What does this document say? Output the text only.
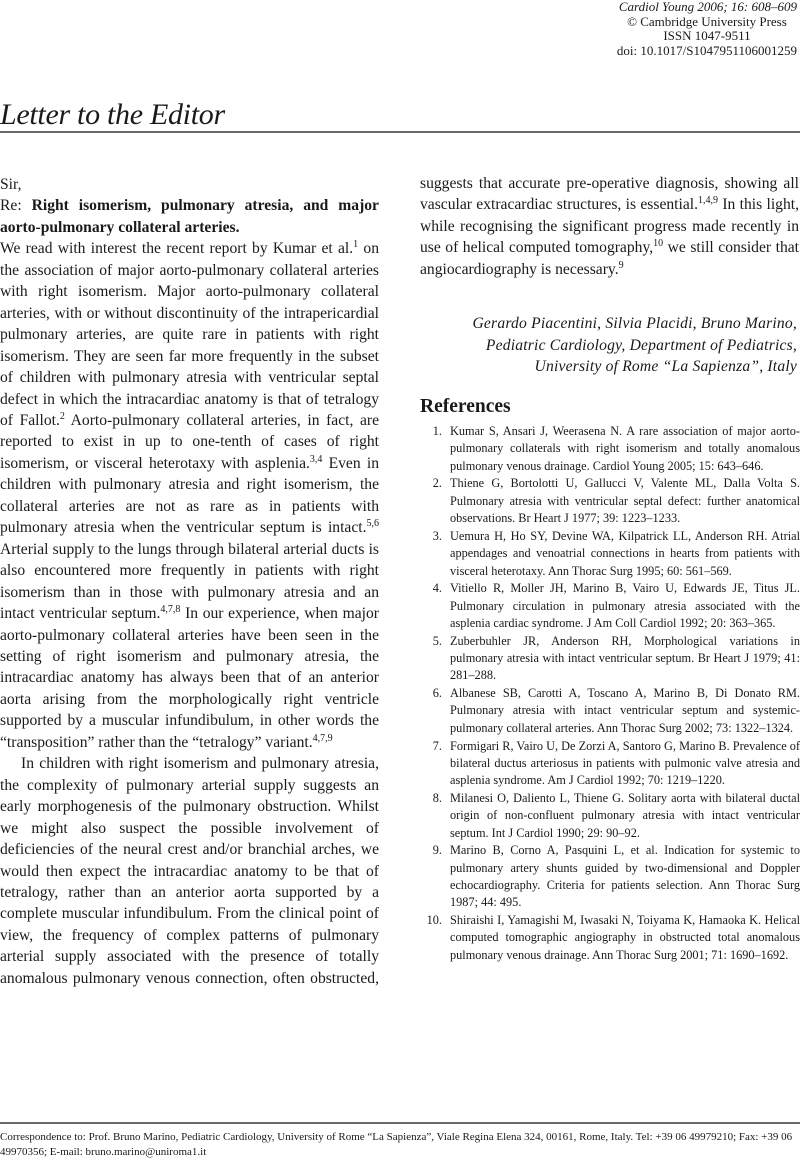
Cardiol Young 2006; 16: 608–609
© Cambridge University Press
ISSN 1047-9511
doi: 10.1017/S1047951106001259
Letter to the Editor

Sir,

Re: Right isomerism, pulmonary atresia, and major aorto-pulmonary collateral arteries.

We read with interest the recent report by Kumar et al.$^1$ on the association of major aorto-pulmonary collateral arteries with right isomerism. Major aorto-pulmonary collateral arteries, with or without discontinuity of the intrapericardial pulmonary arteries, are quite rare in patients with right isomerism. They are seen far more frequently in the subset of children with pulmonary atresia with ventricular septal defect in which the intracardiac anatomy is that of tetralogy of Fallot.$^2$ Aorto-pulmonary collateral arteries, in fact, are reported to exist in up to one-tenth of cases of right isomerism, or visceral heterotaxy with asplenia.$^{3,4}$ Even in children with pulmonary atresia and right isomerism, the collateral arteries are not as rare as in patients with pulmonary atresia when the ventricular septum is intact.$^{5,6}$ Arterial supply to the lungs through bilateral arterial ducts is also encountered more frequently in patients with right isomerism than in those with pulmonary atresia and an intact ventricular septum.$^{4,7,8}$ In our experience, when major aorto-pulmonary collateral arteries have been seen in the setting of right isomerism and pulmonary atresia, the intracardiac anatomy has always been that of an anterior aorta arising from the morphologically right ventricle supported by a muscular infundibulum, in other words the “transposition” rather than the “tetralogy” variant.$^{4,7,9}$

In children with right isomerism and pulmonary atresia, the complexity of pulmonary arterial supply suggests an early morphogenesis of the pulmonary obstruction. Whilst we might also suspect the possible involvement of deficiencies of the neural crest and/or branchial arches, we would then expect the intracardiac anatomy to be that of tetralogy, rather than an anterior aorta supported by a complete muscular infundibulum. From the clinical point of view, the frequency of complex patterns of pulmonary arterial supply associated with the presence of totally anomalous pulmonary venous connection, often obstructed,

suggests that accurate pre-operative diagnosis, showing all vascular extracardiac structures, is essential.$^{1,4,9}$ In this light, while recognising the significant progress made recently in use of helical computed tomography,$^{10}$ we still consider that angiocardiography is necessary.$^9$

Gerardo Piacentini, Silvia Placidi, Bruno Marino,
Pediatric Cardiology, Department of Pediatrics,
University of Rome “La Sapienza”, Italy
References
1. Kumar S, Ansari J, Weerasena N. A rare association of major aorto-pulmonary collaterals with right isomerism and totally anomalous pulmonary venous drainage. Cardiol Young 2005; 15: 643–646.
2. Thiene G, Bortolotti U, Gallucci V, Valente ML, Dalla Volta S. Pulmonary atresia with ventricular septal defect: further anatomical observations. Br Heart J 1977; 39: 1223–1233.
3. Uemura H, Ho SY, Devine WA, Kilpatrick LL, Anderson RH. Atrial appendages and venoatrial connections in hearts from patients with visceral heterotaxy. Ann Thorac Surg 1995; 60: 561–569.
4. Vitiello R, Moller JH, Marino B, Vairo U, Edwards JE, Titus JL. Pulmonary circulation in pulmonary atresia associated with the asplenia cardiac syndrome. J Am Coll Cardiol 1992; 20: 363–365.
5. Zuberbuhler JR, Anderson RH, Morphological variations in pulmonary atresia with intact ventricular septum. Br Heart J 1979; 41: 281–288.
6. Albanese SB, Carotti A, Toscano A, Marino B, Di Donato RM. Pulmonary atresia with intact ventricular septum and systemic-pulmonary collateral arteries. Ann Thorac Surg 2002; 73: 1322–1324.
7. Formigari R, Vairo U, De Zorzi A, Santoro G, Marino B. Prevalence of bilateral ductus arteriosus in patients with pulmonic valve atresia and asplenia syndrome. Am J Cardiol 1992; 70: 1219–1220.
8. Milanesi O, Daliento L, Thiene G. Solitary aorta with bilateral ductal origin of non-confluent pulmonary atresia with intact ventricular septum. Int J Cardiol 1990; 29: 90–92.
9. Marino B, Corno A, Pasquini L, et al. Indication for systemic to pulmonary artery shunts guided by two-dimensional and Doppler echocardiography. Criteria for patients selection. Ann Thorac Surg 1987; 44: 495.
10. Shiraishi I, Yamagishi M, Iwasaki N, Toiyama K, Hamaoka K. Helical computed tomographic angiography in obstructed total anomalous pulmonary venous drainage. Ann Thorac Surg 2001; 71: 1690–1692.
Correspondence to: Prof. Bruno Marino, Pediatric Cardiology, University of Rome “La Sapienza”, Viale Regina Elena 324, 00161, Rome, Italy. Tel: +39 06 49979210; Fax: +39 06 49970356; E-mail: bruno.marino@uniroma1.it
